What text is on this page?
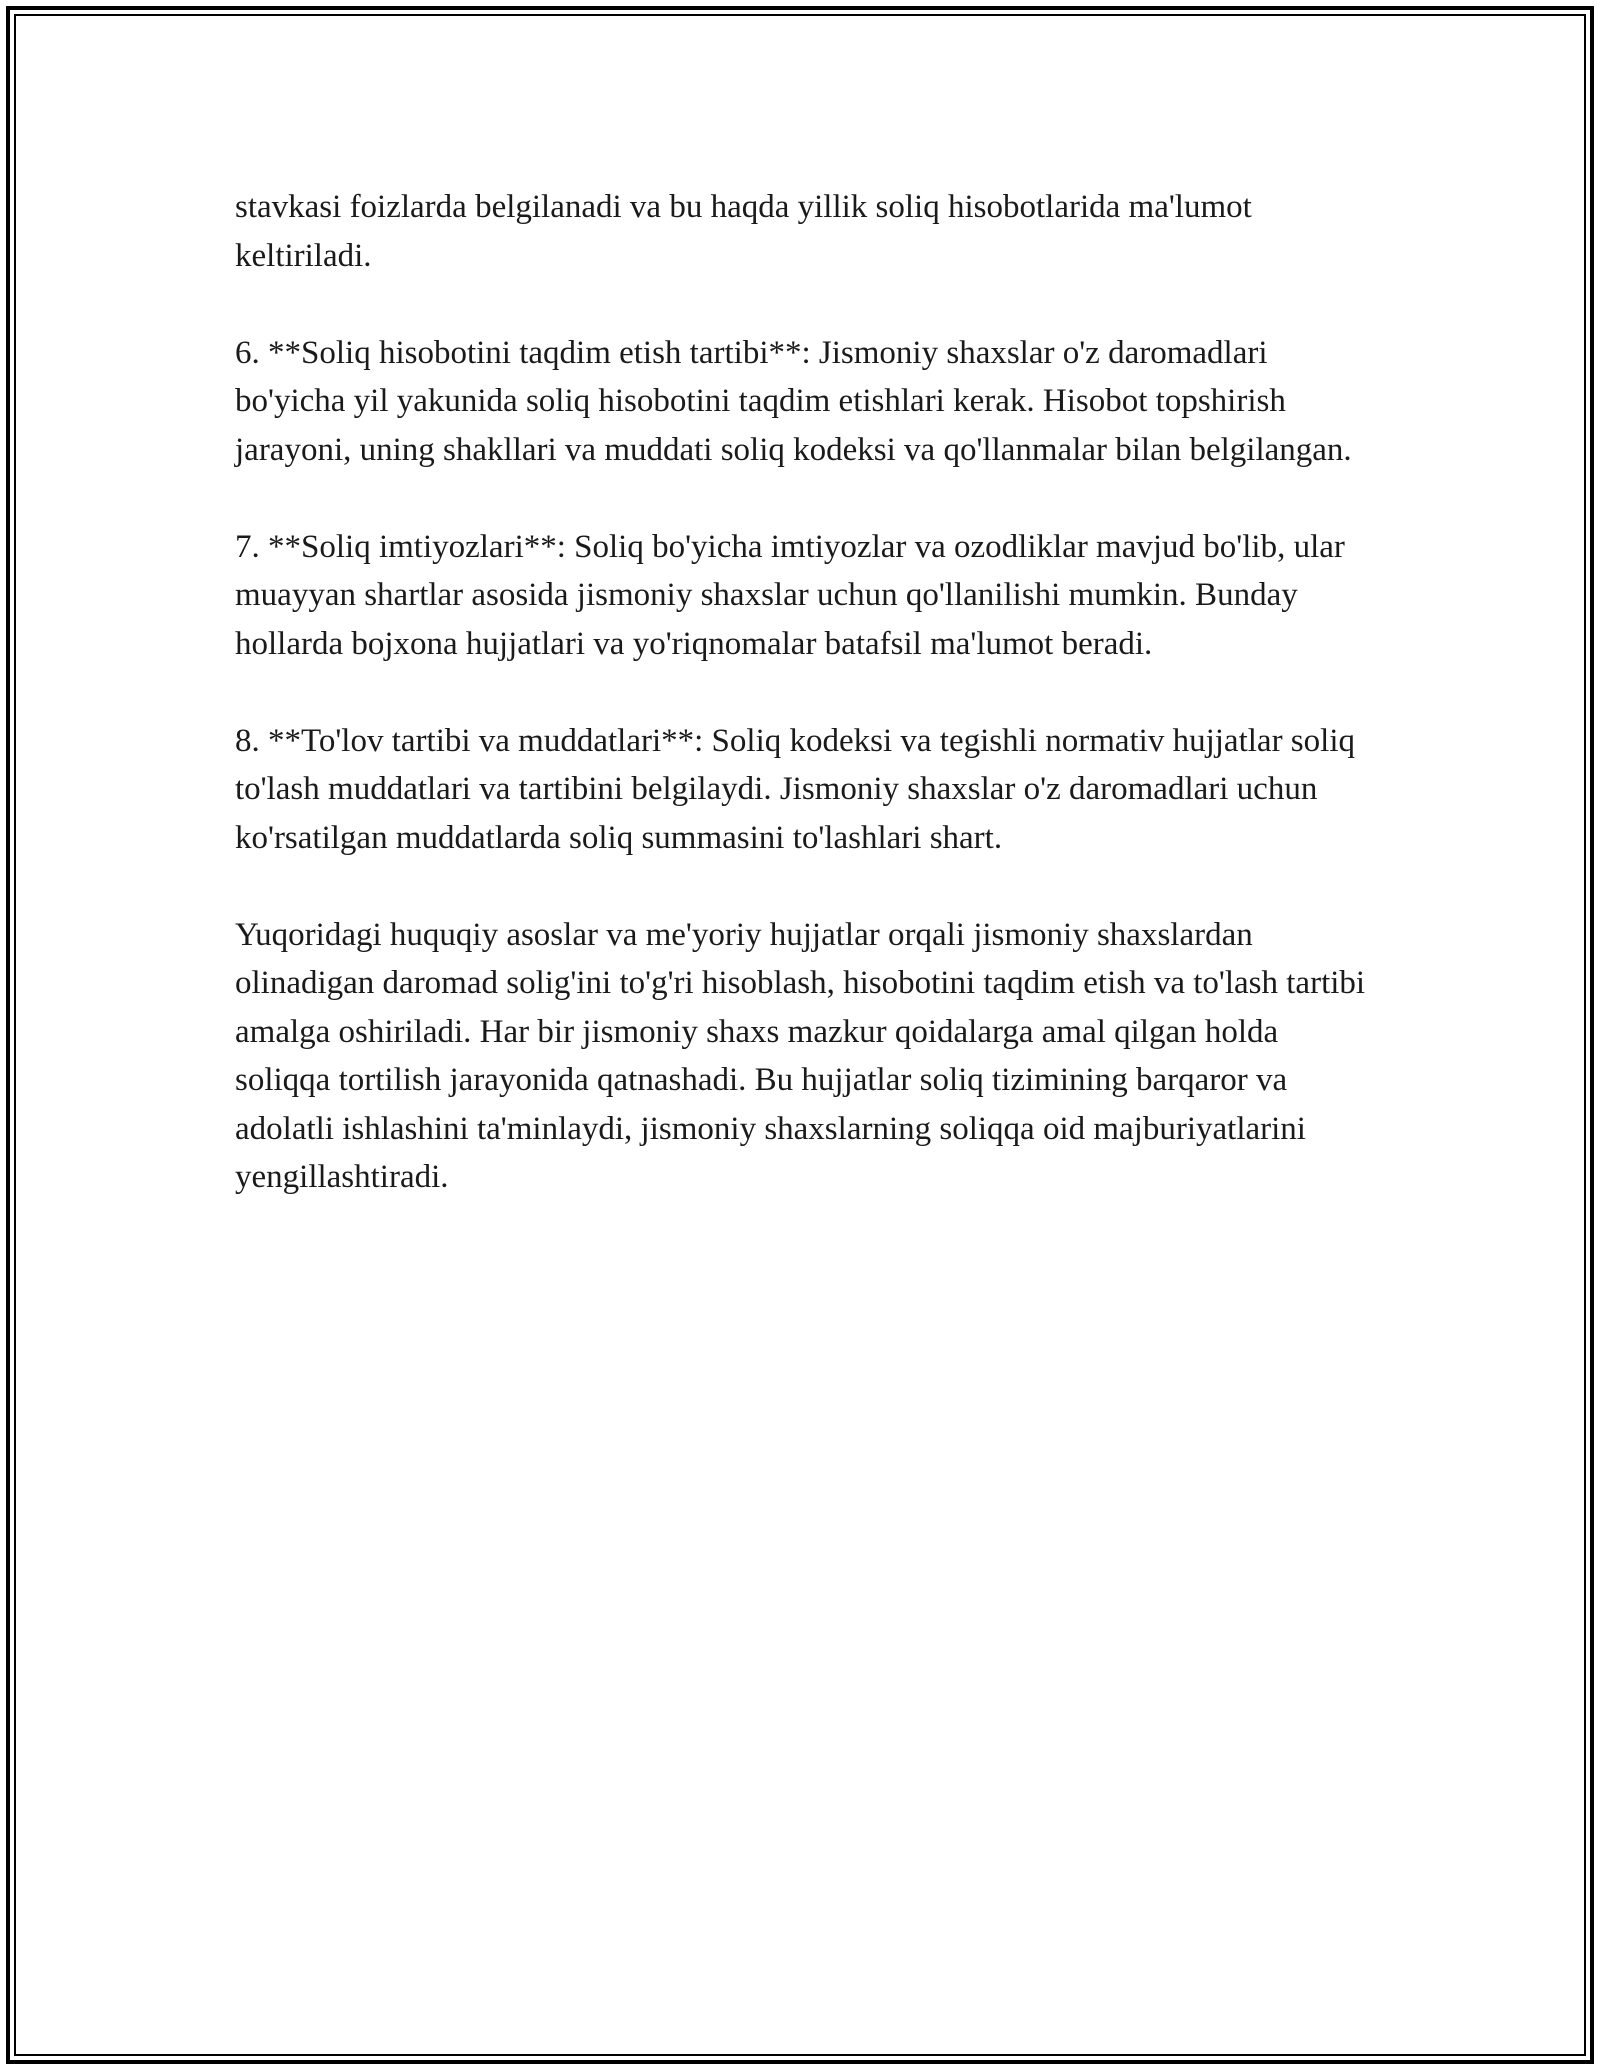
stavkasi foizlarda belgilanadi va bu haqda yillik soliq hisobotlarida ma'lumot keltiriladi.

6. **Soliq hisobotini taqdim etish tartibi**: Jismoniy shaxslar o'z daromadlari bo'yicha yil yakunida soliq hisobotini taqdim etishlari kerak. Hisobot topshirish jarayoni, uning shakllari va muddati soliq kodeksi va qo'llanmalar bilan belgilangan.

7. **Soliq imtiyozlari**: Soliq bo'yicha imtiyozlar va ozodliklar mavjud bo'lib, ular muayyan shartlar asosida jismoniy shaxslar uchun qo'llanilishi mumkin. Bunday hollarda bojxona hujjatlari va yo'riqnomalar batafsil ma'lumot beradi.

8. **To'lov tartibi va muddatlari**: Soliq kodeksi va tegishli normativ hujjatlar soliq to'lash muddatlari va tartibini belgilaydi. Jismoniy shaxslar o'z daromadlari uchun ko'rsatilgan muddatlarda soliq summasini to'lashlari shart.

Yuqoridagi huquqiy asoslar va me'yoriy hujjatlar orqali jismoniy shaxslardan olinadigan daromad solig'ini to'g'ri hisoblash, hisobotini taqdim etish va to'lash tartibi amalga oshiriladi. Har bir jismoniy shaxs mazkur qoidalarga amal qilgan holda soliqqa tortilish jarayonida qatnashadi. Bu hujjatlar soliq tizimining barqaror va adolatli ishlashini ta'minlaydi, jismoniy shaxslarning soliqqa oid majburiyatlarini yengillashtiradi.
